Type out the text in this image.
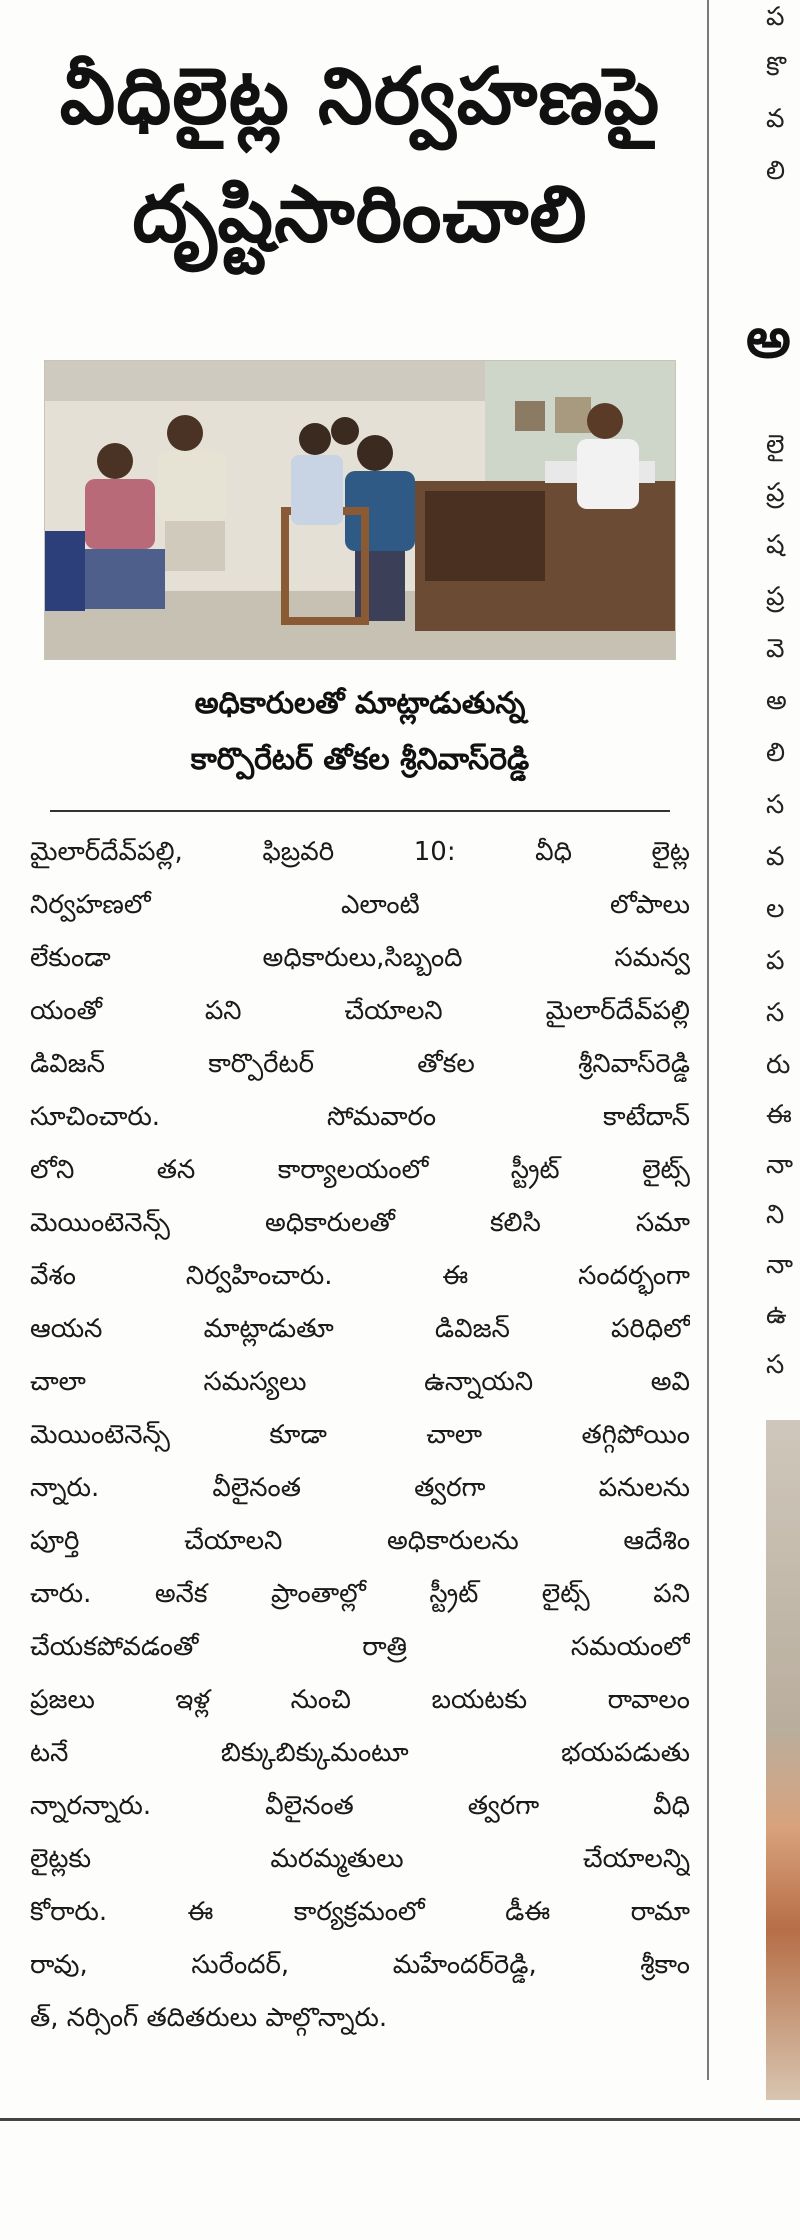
వీధిలైట్ల నిర్వహణపై
దృష్టిసారించాలి
అధికారులతో మాట్లాడుతున్న
కార్పొరేటర్ తోకల శ్రీనివాస్‌రెడ్డి
మైలార్‌దేవ్‌పల్లి, ఫిబ్రవరి 10: వీధి లైట్ల
నిర్వహణలో ఎలాంటి లోపాలు
లేకుండా అధికారులు,సిబ్బంది సమన్వ
యంతో పని చేయాలని మైలార్‌దేవ్‌పల్లి
డివిజన్ కార్పొరేటర్ తోకల శ్రీనివాస్‌రెడ్డి
సూచించారు. సోమవారం కాటేదాన్
లోని తన కార్యాలయంలో స్ట్రీట్ లైట్స్
మెయింటెనెన్స్ అధికారులతో కలిసి సమా
వేశం నిర్వహించారు. ఈ సందర్భంగా
ఆయన మాట్లాడుతూ డివిజన్ పరిధిలో
చాలా సమస్యలు ఉన్నాయని అవి
మెయింటెనెన్స్ కూడా చాలా తగ్గిపోయిం
న్నారు. వీలైనంత త్వరగా పనులను
పూర్తి చేయాలని అధికారులను ఆదేశిం
చారు. అనేక ప్రాంతాల్లో స్ట్రీట్ లైట్స్ పని
చేయకపోవడంతో రాత్రి సమయంలో
ప్రజలు ఇళ్ల నుంచి బయటకు రావాలం
టనే బిక్కుబిక్కుమంటూ భయపడుతు
న్నారన్నారు. వీలైనంత త్వరగా వీధి
లైట్లకు మరమ్మతులు చేయాలన్ని
కోరారు. ఈ కార్యక్రమంలో డీఈ రామా
రావు, సురేందర్, మహేందర్‌రెడ్డి, శ్రీకాం
త్, నర్సింగ్ తదితరులు పాల్గొన్నారు.
ప
కొ
వ
లి
అ
లై
ప్ర
ష
ప్ర
వె
అ
లి
స
వ
ల
ప
స
రు
ఈ
నా
ని
నా
ఉ
స
